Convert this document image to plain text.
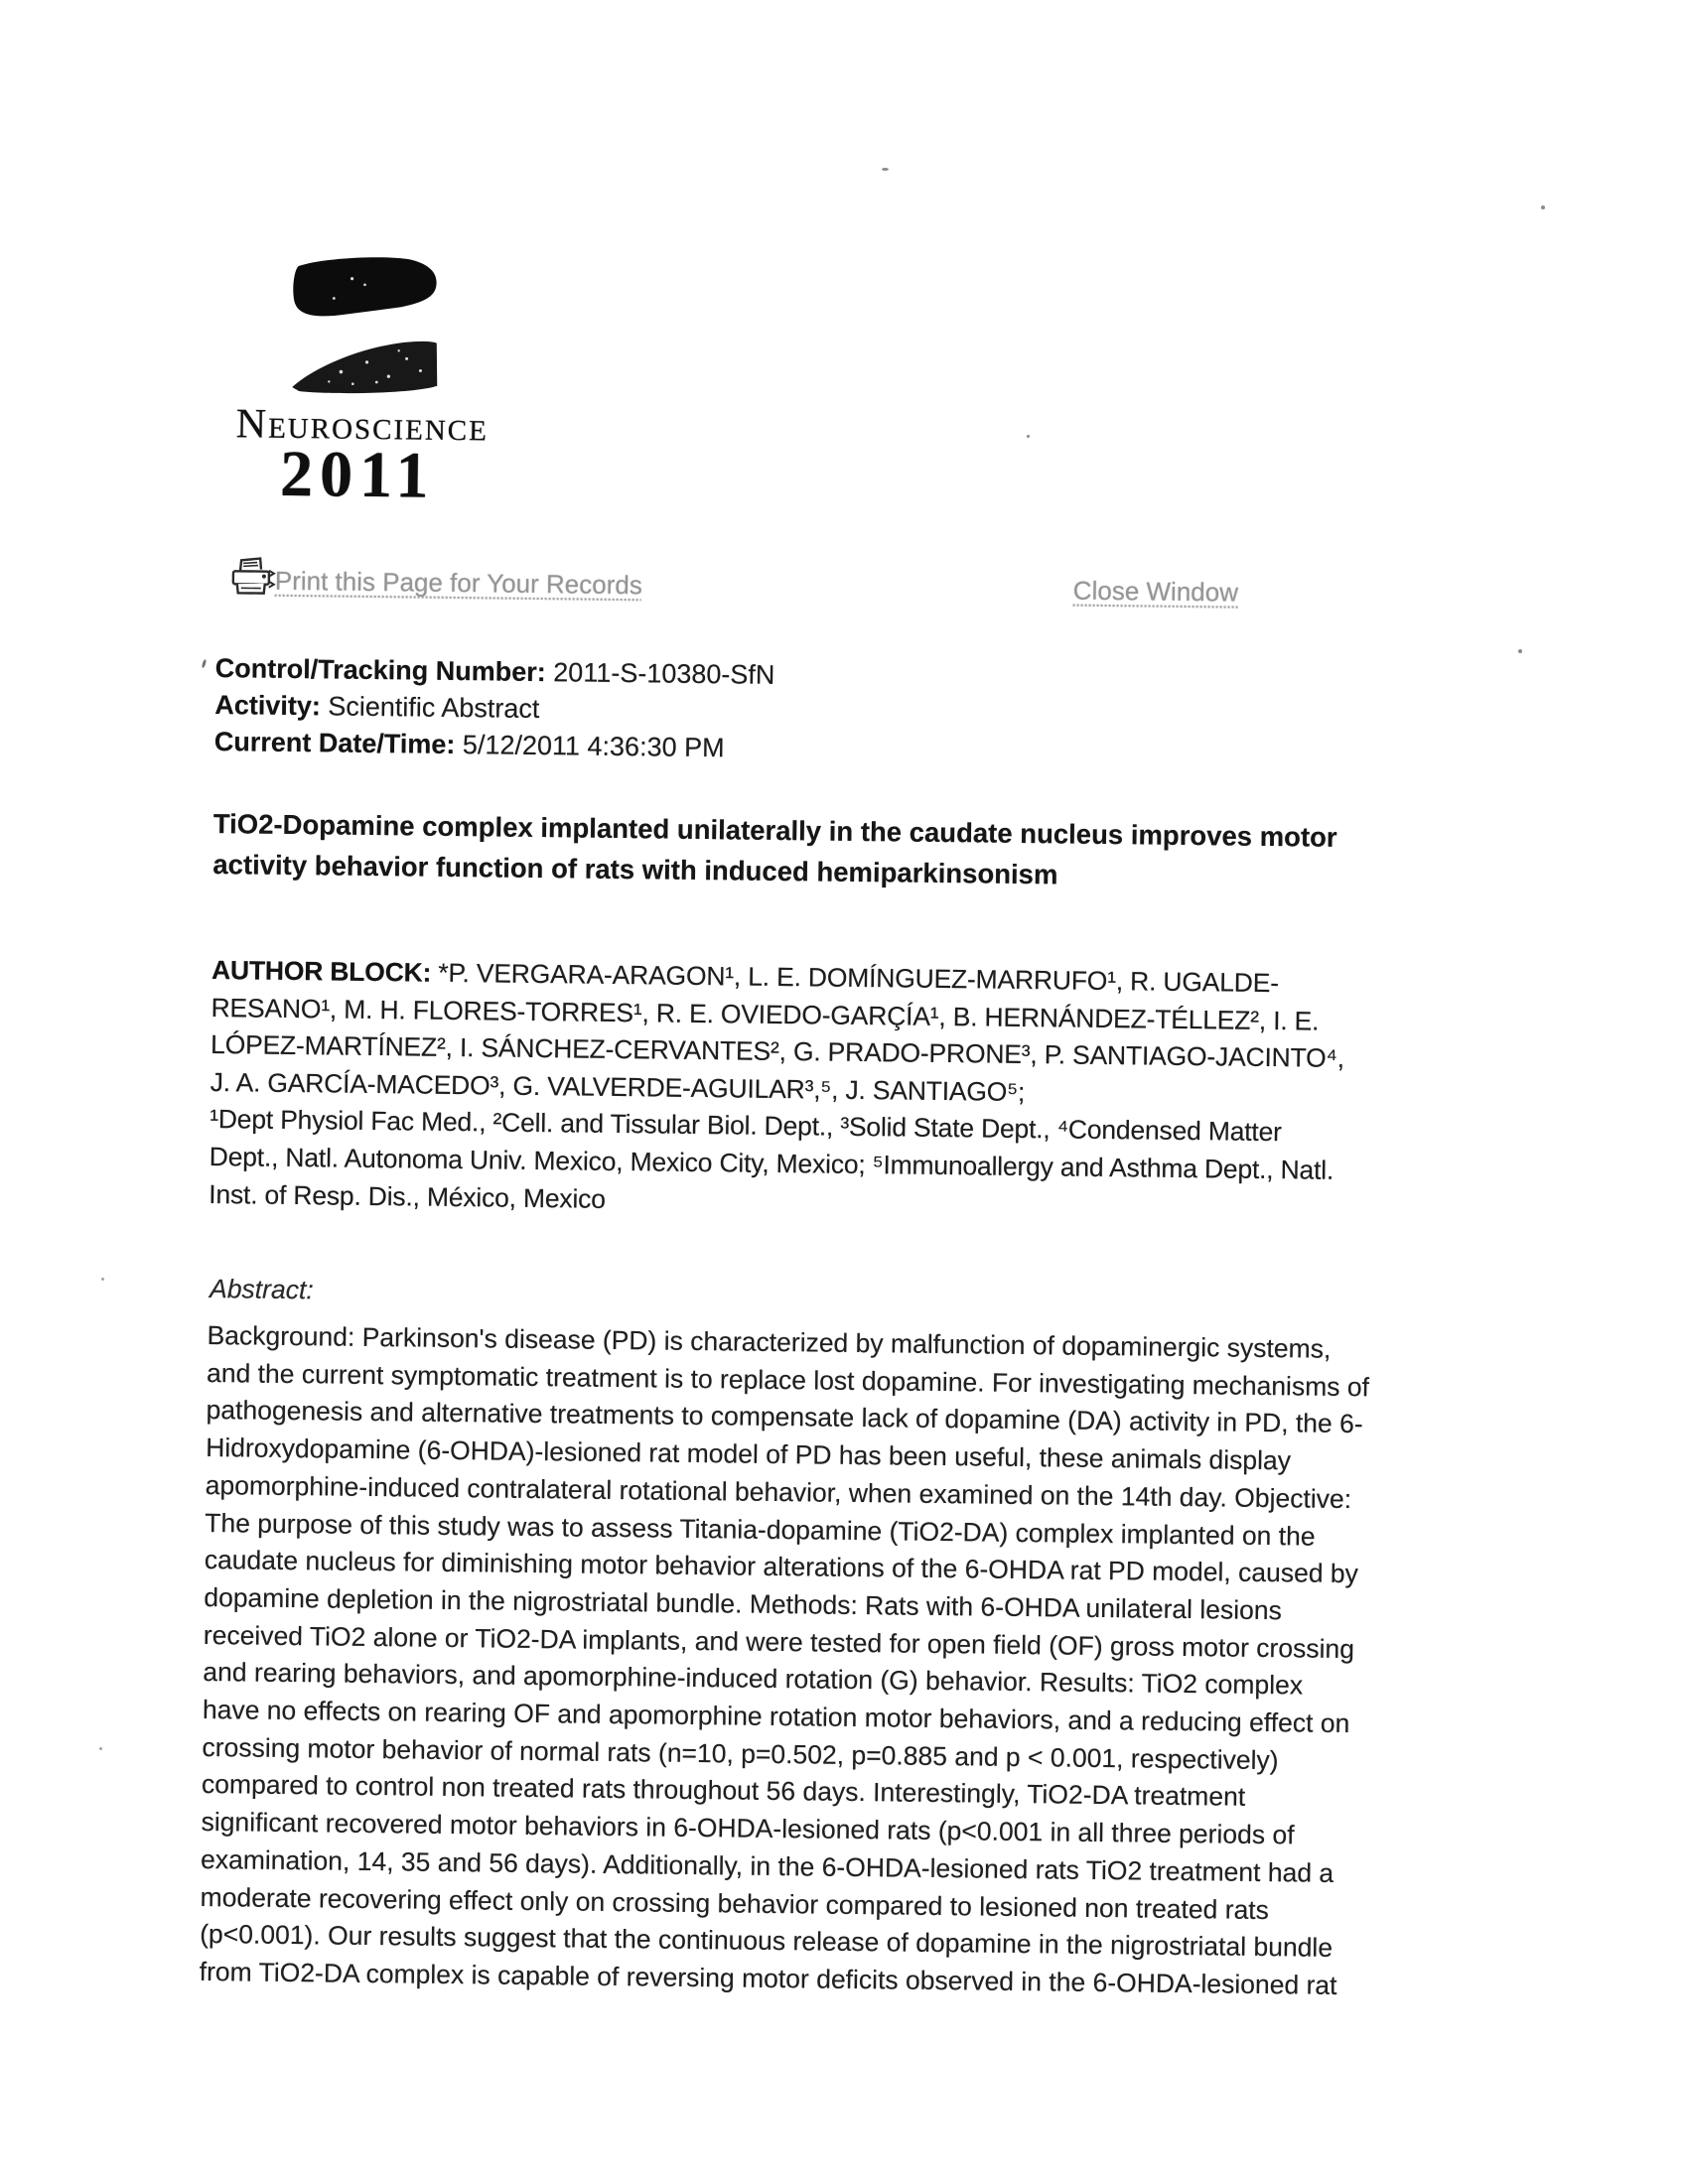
Neuroscience
2011
Print this Page for Your Records	Close Window
Control/Tracking Number: 2011-S-10380-SfN
Activity: Scientific Abstract
Current Date/Time: 5/12/2011 4:36:30 PM
TiO2-Dopamine complex implanted unilaterally in the caudate nucleus improves motor
activity behavior function of rats with induced hemiparkinsonism
AUTHOR BLOCK: *P. VERGARA-ARAGON¹, L. E. DOMÍNGUEZ-MARRUFO¹, R. UGALDE-
RESANO¹, M. H. FLORES-TORRES¹, R. E. OVIEDO-GARÇÍA¹, B. HERNÁNDEZ-TÉLLEZ², I. E.
LÓPEZ-MARTÍNEZ², I. SÁNCHEZ-CERVANTES², G. PRADO-PRONE³, P. SANTIAGO-JACINTO⁴,
J. A. GARCÍA-MACEDO³, G. VALVERDE-AGUILAR³,⁵, J. SANTIAGO⁵;
¹Dept Physiol Fac Med., ²Cell. and Tissular Biol. Dept., ³Solid State Dept., ⁴Condensed Matter
Dept., Natl. Autonoma Univ. Mexico, Mexico City, Mexico; ⁵Immunoallergy and Asthma Dept., Natl.
Inst. of Resp. Dis., México, Mexico
Abstract:
Background: Parkinson's disease (PD) is characterized by malfunction of dopaminergic systems,
and the current symptomatic treatment is to replace lost dopamine. For investigating mechanisms of
pathogenesis and alternative treatments to compensate lack of dopamine (DA) activity in PD, the 6-
Hidroxydopamine (6-OHDA)-lesioned rat model of PD has been useful, these animals display
apomorphine-induced contralateral rotational behavior, when examined on the 14th day. Objective:
The purpose of this study was to assess Titania-dopamine (TiO2-DA) complex implanted on the
caudate nucleus for diminishing motor behavior alterations of the 6-OHDA rat PD model, caused by
dopamine depletion in the nigrostriatal bundle. Methods: Rats with 6-OHDA unilateral lesions
received TiO2 alone or TiO2-DA implants, and were tested for open field (OF) gross motor crossing
and rearing behaviors, and apomorphine-induced rotation (G) behavior. Results: TiO2 complex
have no effects on rearing OF and apomorphine rotation motor behaviors, and a reducing effect on
crossing motor behavior of normal rats (n=10, p=0.502, p=0.885 and p < 0.001, respectively)
compared to control non treated rats throughout 56 days. Interestingly, TiO2-DA treatment
significant recovered motor behaviors in 6-OHDA-lesioned rats (p<0.001 in all three periods of
examination, 14, 35 and 56 days). Additionally, in the 6-OHDA-lesioned rats TiO2 treatment had a
moderate recovering effect only on crossing behavior compared to lesioned non treated rats
(p<0.001). Our results suggest that the continuous release of dopamine in the nigrostriatal bundle
from TiO2-DA complex is capable of reversing motor deficits observed in the 6-OHDA-lesioned rat
